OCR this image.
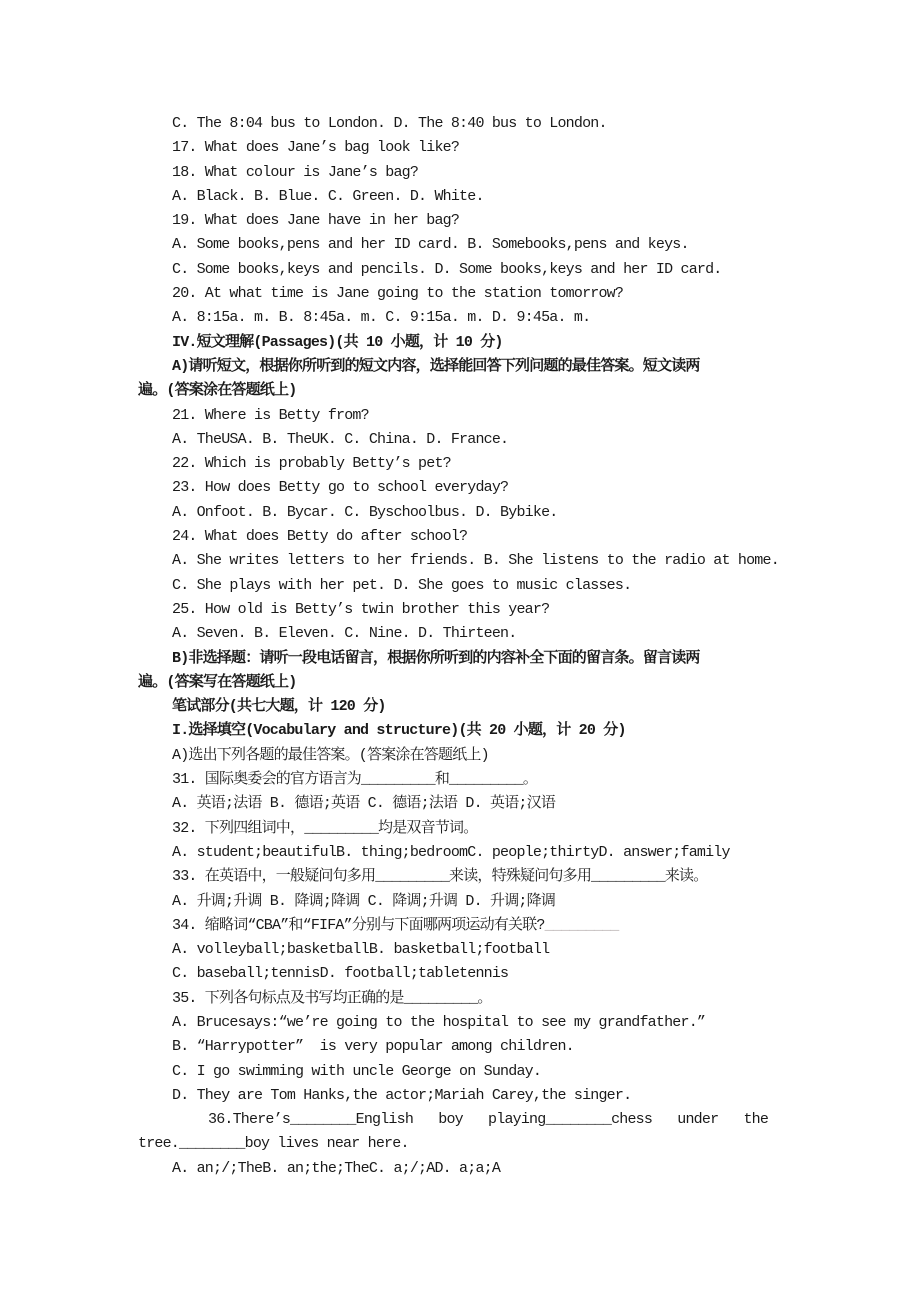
C. The 8:04 bus to London. D. The 8:40 bus to London.
17. What does Jane’s bag look like?
18. What colour is Jane’s bag?
A. Black. B. Blue. C. Green. D. White.
19. What does Jane have in her bag?
A. Some books,pens and her ID card. B. Somebooks,pens and keys.
C. Some books,keys and pencils. D. Some books,keys and her ID card.
20. At what time is Jane going to the station tomorrow?
A. 8:15a. m. B. 8:45a. m. C. 9:15a. m. D. 9:45a. m.
IV.短文理解(Passages)(共 10 小题，计 10 分)
A)请听短文，根据你所听到的短文内容，选择能回答下列问题的最佳答案。短文读两
遍。(答案涂在答题纸上)
21. Where is Betty from?
A. TheUSA. B. TheUK. C. China. D. France.
22. Which is probably Betty’s pet?
23. How does Betty go to school everyday?
A. Onfoot. B. Bycar. C. Byschoolbus. D. Bybike.
24. What does Betty do after school?
A. She writes letters to her friends. B. She listens to the radio at home.
C. She plays with her pet. D. She goes to music classes.
25. How old is Betty’s twin brother this year?
A. Seven. B. Eleven. C. Nine. D. Thirteen.
B)非选择题：请听一段电话留言，根据你所听到的内容补全下面的留言条。留言读两
遍。(答案写在答题纸上)
笔试部分(共七大题，计 120 分)
I.选择填空(Vocabulary and structure)(共 20 小题，计 20 分)
A)选出下列各题的最佳答案。(答案涂在答题纸上)
31. 国际奥委会的官方语言为_________和_________。
A. 英语;法语 B. 德语;英语 C. 德语;法语 D. 英语;汉语
32. 下列四组词中，_________均是双音节词。
A. student;beautifulB. thing;bedroomC. people;thirtyD. answer;family
33. 在英语中，一般疑问句多用_________来读，特殊疑问句多用_________来读。
A. 升调;升调 B. 降调;降调 C. 降调;升调 D. 升调;降调
34. 缩略词“CBA”和“FIFA”分别与下面哪两项运动有关联?_________
A. volleyball;basketballB. basketball;football
C. baseball;tennisD. football;tabletennis
35. 下列各句标点及书写均正确的是_________。
A. Brucesays:“we’re going to the hospital to see my grandfather.”
B. “Harrypotter”  is very popular among children.
C. I go swimming with uncle George on Sunday.
D. They are Tom Hanks,the actor;Mariah Carey,the singer.
36.There’s________English boy playing________chess under the
tree.________boy lives near here.
A. an;/;TheB. an;the;TheC. a;/;AD. a;a;A
